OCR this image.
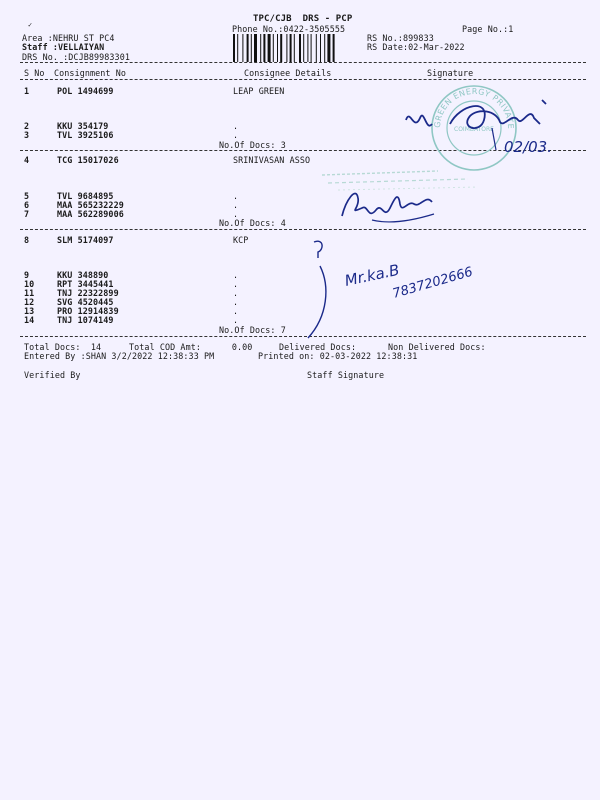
✓
TPC/CJB  DRS - PCP
Phone No.:0422-3505555	Page No.:1
Area :NEHRU ST PC4
Staff :VELLAIYAN
DRS No. :DCJB89983301
RS No.:899833
RS Date:02-Mar-2022
S No Consignment No	Consignee Details	Signature
1	POL 1494699	LEAP GREEN
2	KKU 354179	.
3	TVL 3925106	.
No.Of Docs: 3
4	TCG 15017026	SRINIVASAN ASSO
5	TVL 9684895	.
6	MAA 565232229	.
7	MAA 562289006	.
No.Of Docs: 4
8	SLM 5174097	KCP
9	KKU 348890	.
10	RPT 3445441	.
11	TNJ 22322899	.
12	SVG 4520445	.
13	PRO 12914839	.
14	TNJ 1074149	.
No.Of Docs: 7
Total Docs:  14	Total COD Amt:      0.00	Delivered Docs:	Non Delivered Docs:
Entered By :SHAN 3/2/2022 12:38:33 PM	Printed on: 02-03-2022 12:38:31
Verified By	Staff Signature
GREEN ENERGY PRIVATE
COIMBATORE
02/03.
Mr.ka.B
7837202666
